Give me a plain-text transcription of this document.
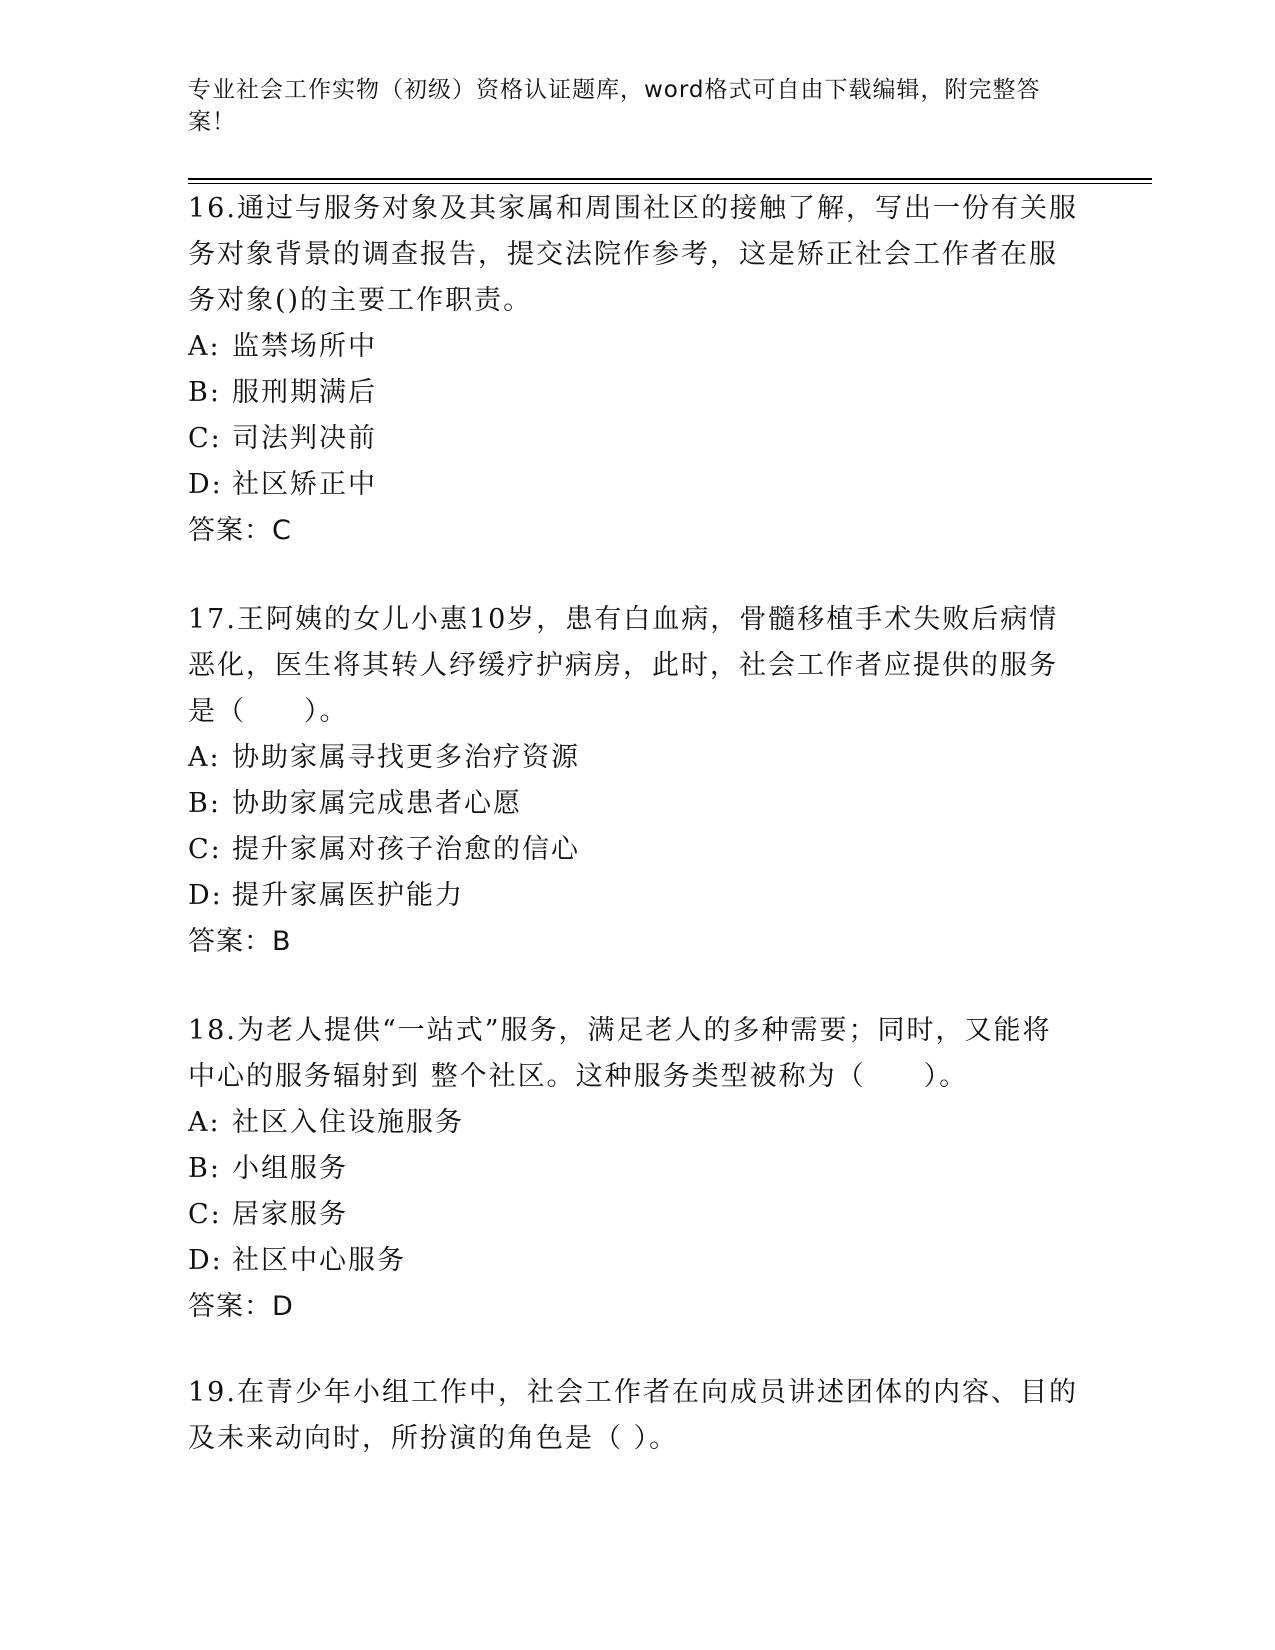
专业社会工作实物（初级）资格认证题库，word格式可自由下载编辑，附完整答案！
16.通过与服务对象及其家属和周围社区的接触了解，写出一份有关服务对象背景的调查报告，提交法院作参考，这是矫正社会工作者在服务对象()的主要工作职责。
A: 监禁场所中
B: 服刑期满后
C: 司法判决前
D: 社区矫正中
答案：C
17.王阿姨的女儿小惠10岁，患有白血病，骨髓移植手术失败后病情恶化，医生将其转人纾缓疗护病房，此时，社会工作者应提供的服务是（　　）。
A: 协助家属寻找更多治疗资源
B: 协助家属完成患者心愿
C: 提升家属对孩子治愈的信心
D: 提升家属医护能力
答案：B
18.为老人提供“一站式”服务，满足老人的多种需要；同时，又能将中心的服务辐射到 整个社区。这种服务类型被称为（　　）。
A: 社区入住设施服务
B: 小组服务
C: 居家服务
D: 社区中心服务
答案：D
19.在青少年小组工作中，社会工作者在向成员讲述团体的内容、目的及未来动向时，所扮演的角色是（ ）。
